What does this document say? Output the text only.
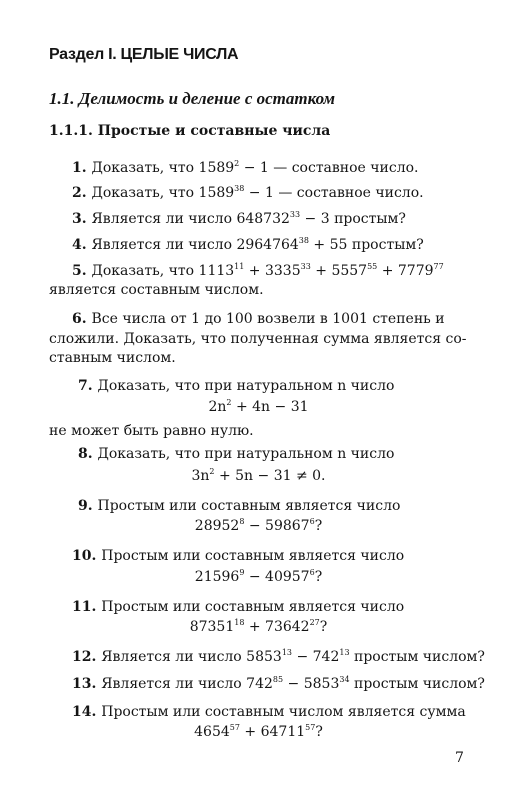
Раздел I. ЦЕЛЫЕ ЧИСЛА
1.1. Делимость и деление с остатком
1.1.1. Простые и составные числа
1. Доказать, что $1589^2 - 1$ — составное число.
2. Доказать, что $1589^{38} - 1$ — составное число.
3. Является ли число $648732^{33} - 3$ простым?
4. Является ли число $2964764^{38} + 55$ простым?
5. Доказать, что $1113^{11} + 3335^{33} + 5557^{55} + 7779^{77}$
является составным числом.
6. Все числа от 1 до 100 возвели в 1001 степень и
сложили. Доказать, что полученная сумма является со-
ставным числом.
7. Доказать, что при натуральном n число
$2n^2 + 4n - 31$
не может быть равно нулю.
8. Доказать, что при натуральном n число
$3n^2 + 5n - 31 \ne 0$.
9. Простым или составным является число
$28952^8 - 59867^6$?
10. Простым или составным является число
$21596^9 - 40957^6$?
11. Простым или составным является число
$87351^{18} + 73642^{27}$?
12. Является ли число $5853^{13} - 742^{13}$ простым числом?
13. Является ли число $742^{85} - 5853^{34}$ простым числом?
14. Простым или составным числом является сумма
$4654^{57} + 64711^{57}$?
7
